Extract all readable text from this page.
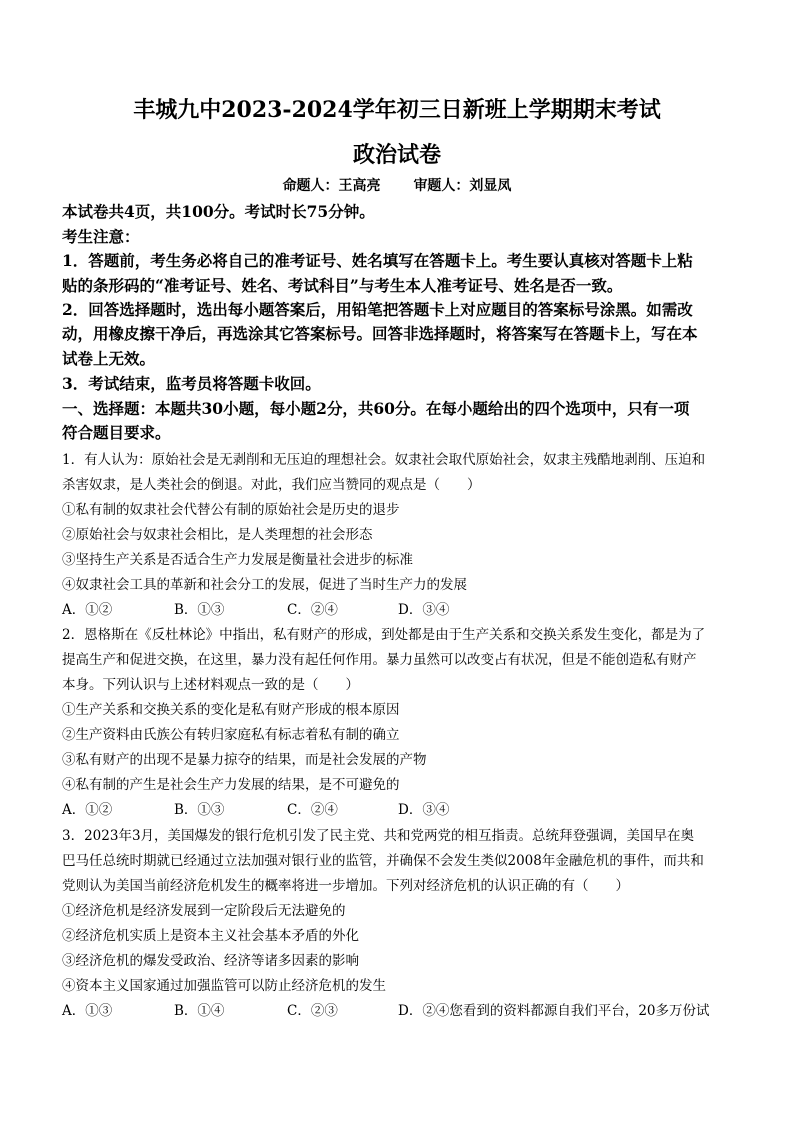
丰城九中2023-2024学年初三日新班上学期期末考试
政治试卷
命题人：王高亮 审题人：刘显凤
本试卷共4页，共100分。考试时长75分钟。
考生注意：
1．答题前，考生务必将自己的准考证号、姓名填写在答题卡上。考生要认真核对答题卡上粘
贴的条形码的“准考证号、姓名、考试科目”与考生本人准考证号、姓名是否一致。
2．回答选择题时，选出每小题答案后，用铅笔把答题卡上对应题目的答案标号涂黑。如需改
动，用橡皮擦干净后，再选涂其它答案标号。回答非选择题时，将答案写在答题卡上，写在本
试卷上无效。
3．考试结束，监考员将答题卡收回。
一、选择题：本题共30小题，每小题2分，共60分。在每小题给出的四个选项中，只有一项
符合题目要求。
1．有人认为：原始社会是无剥削和无压迫的理想社会。奴隶社会取代原始社会，奴隶主残酷地剥削、压迫和
杀害奴隶，是人类社会的倒退。对此，我们应当赞同的观点是（　　）
①私有制的奴隶社会代替公有制的原始社会是历史的退步
②原始社会与奴隶社会相比，是人类理想的社会形态
③坚持生产关系是否适合生产力发展是衡量社会进步的标准
④奴隶社会工具的革新和社会分工的发展，促进了当时生产力的发展
A．①②	B．①③	C．②④	D．③④
2．恩格斯在《反杜林论》中指出，私有财产的形成，到处都是由于生产关系和交换关系发生变化，都是为了
提高生产和促进交换，在这里，暴力没有起任何作用。暴力虽然可以改变占有状况，但是不能创造私有财产
本身。下列认识与上述材料观点一致的是（　　）
①生产关系和交换关系的变化是私有财产形成的根本原因
②生产资料由氏族公有转归家庭私有标志着私有制的确立
③私有财产的出现不是暴力掠夺的结果，而是社会发展的产物
④私有制的产生是社会生产力发展的结果，是不可避免的
A．①②	B．①③	C．②④	D．③④
3．2023年3月，美国爆发的银行危机引发了民主党、共和党两党的相互指责。总统拜登强调，美国早在奥
巴马任总统时期就已经通过立法加强对银行业的监管，并确保不会发生类似2008年金融危机的事件，而共和
党则认为美国当前经济危机发生的概率将进一步增加。下列对经济危机的认识正确的有（　　）
①经济危机是经济发展到一定阶段后无法避免的
②经济危机实质上是资本主义社会基本矛盾的外化
③经济危机的爆发受政治、经济等诸多因素的影响
④资本主义国家通过加强监管可以防止经济危机的发生
A．①③	B．①④	C．②③	D．②④您看到的资料都源自我们平台，20多万份试
